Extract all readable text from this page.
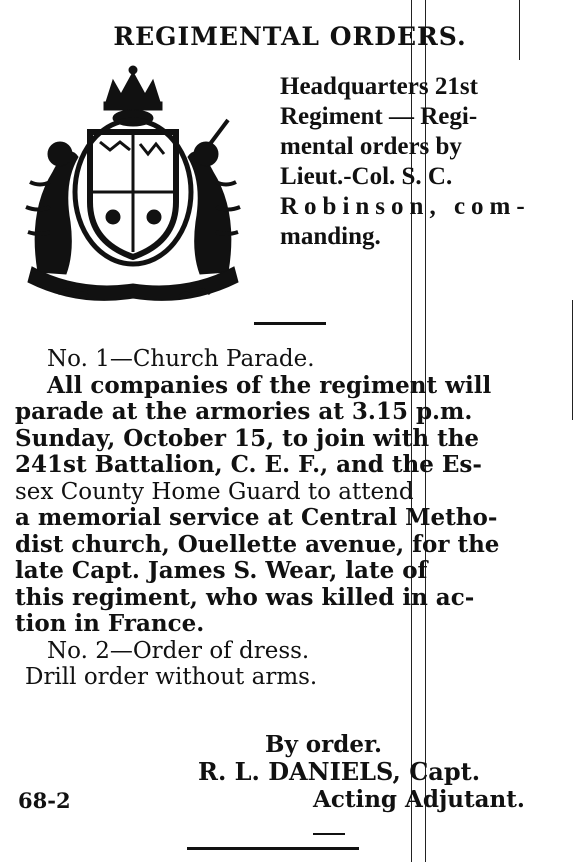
REGIMENTAL ORDERS.
Headquarters 21st
Regiment — Regi-
mental orders by
Lieut.-Col. S. C.
Robinson, com-
manding.
No. 1—Church Parade.
All companies of the regiment will
parade at the armories at 3.15 p.m.
Sunday, October 15, to join with the
241st Battalion, C. E. F., and the Es-
sex County Home Guard to attend
a memorial service at Central Metho-
dist church, Ouellette avenue, for the
late Capt. James S. Wear, late of
this regiment, who was killed in ac-
tion in France.
No. 2—Order of dress.
Drill order without arms.
By order.
R. L. DANIELS, Capt.
Acting Adjutant.
68-2
